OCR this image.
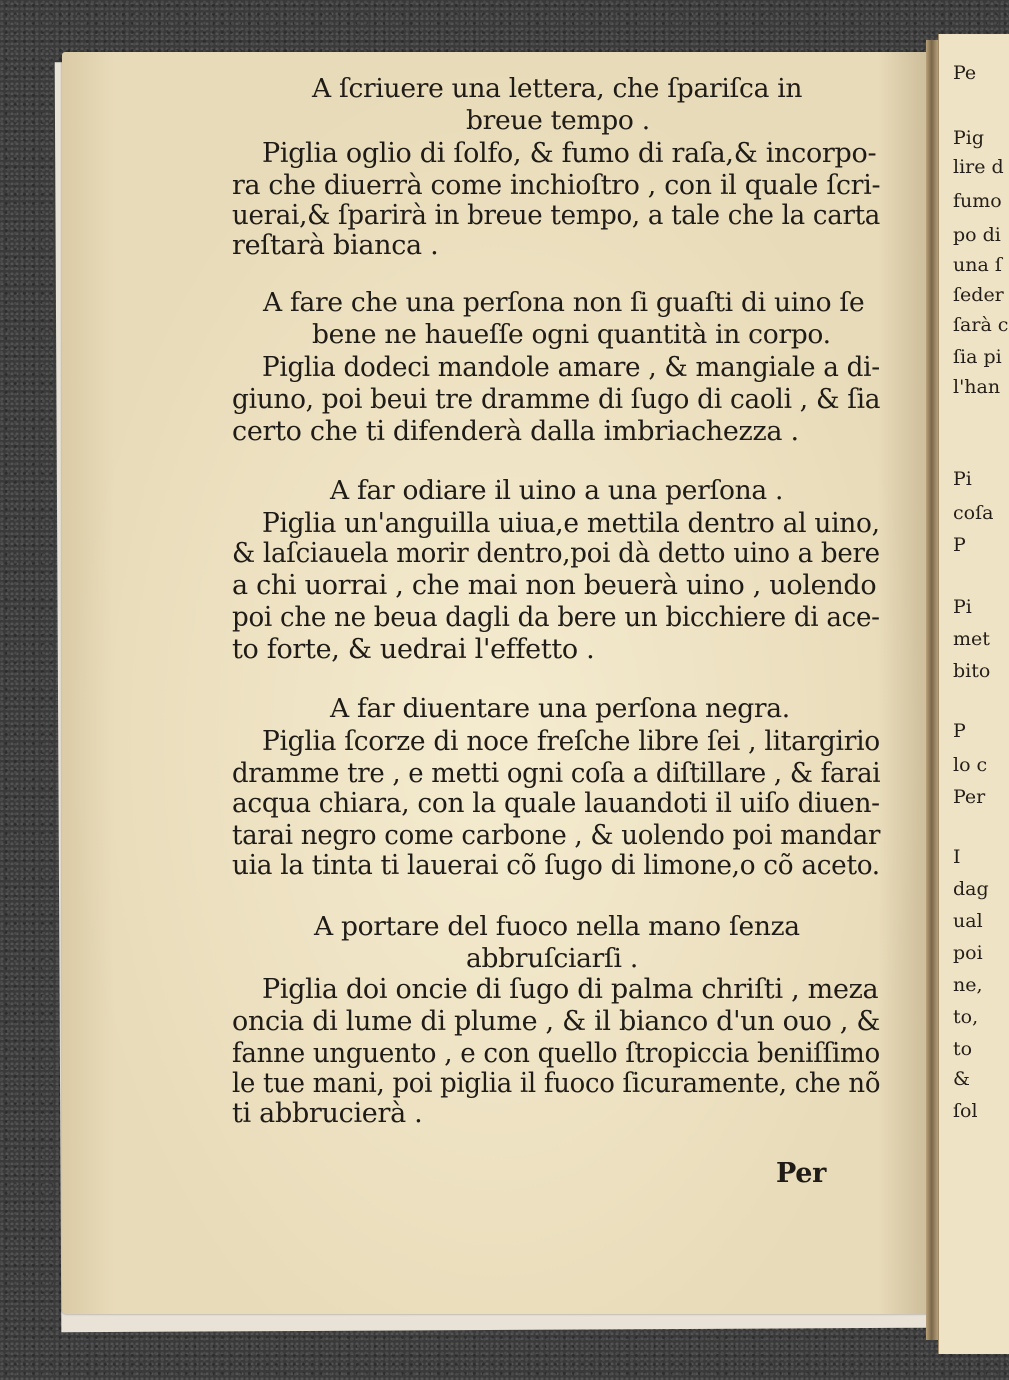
Pe
Pig
lire d
fumo
po di
una ſ
ſeder
ſarà c
ſia pi
l'han
Pi
coſa
P
Pi
met
bito
P
lo c
Per
I
dag
ual
poi
ne,
to,
to
&
ſol
A ſcriuere una lettera, che ſpariſca in
breue tempo .
Piglia oglio di ſolfo, & fumo di raſa,& incorpo-
ra che diuerrà come inchioſtro , con il quale ſcri-
uerai,& ſparirà in breue tempo, a tale che la carta
reſtarà bianca .
A fare che una perſona non ſi guaſti di uino ſe
bene ne haueſſe ogni quantità in corpo.
Piglia dodeci mandole amare , & mangiale a di-
giuno, poi beui tre dramme di ſugo di caoli , & ſia
certo che ti difenderà dalla imbriachezza .
A far odiare il uino a una perſona .
Piglia un'anguilla uiua,e mettila dentro al uino,
& laſciauela morir dentro,poi dà detto uino a bere
a chi uorrai , che mai non beuerà uino , uolendo
poi che ne beua dagli da bere un bicchiere di ace-
to forte, & uedrai l'effetto .
A far diuentare una perſona negra.
Piglia ſcorze di noce freſche libre ſei , litargirio
dramme tre , e metti ogni coſa a diſtillare , & farai
acqua chiara, con la quale lauandoti il uiſo diuen-
tarai negro come carbone , & uolendo poi mandar
uia la tinta ti lauerai cõ ſugo di limone,o cõ aceto.
A portare del fuoco nella mano ſenza
abbruſciarſi .
Piglia doi oncie di ſugo di palma chriſti , meza
oncia di lume di plume , & il bianco d'un ouo , &
fanne unguento , e con quello ſtropiccia beniſſimo
le tue mani, poi piglia il fuoco ſicuramente, che nõ
ti abbrucierà .
Per
